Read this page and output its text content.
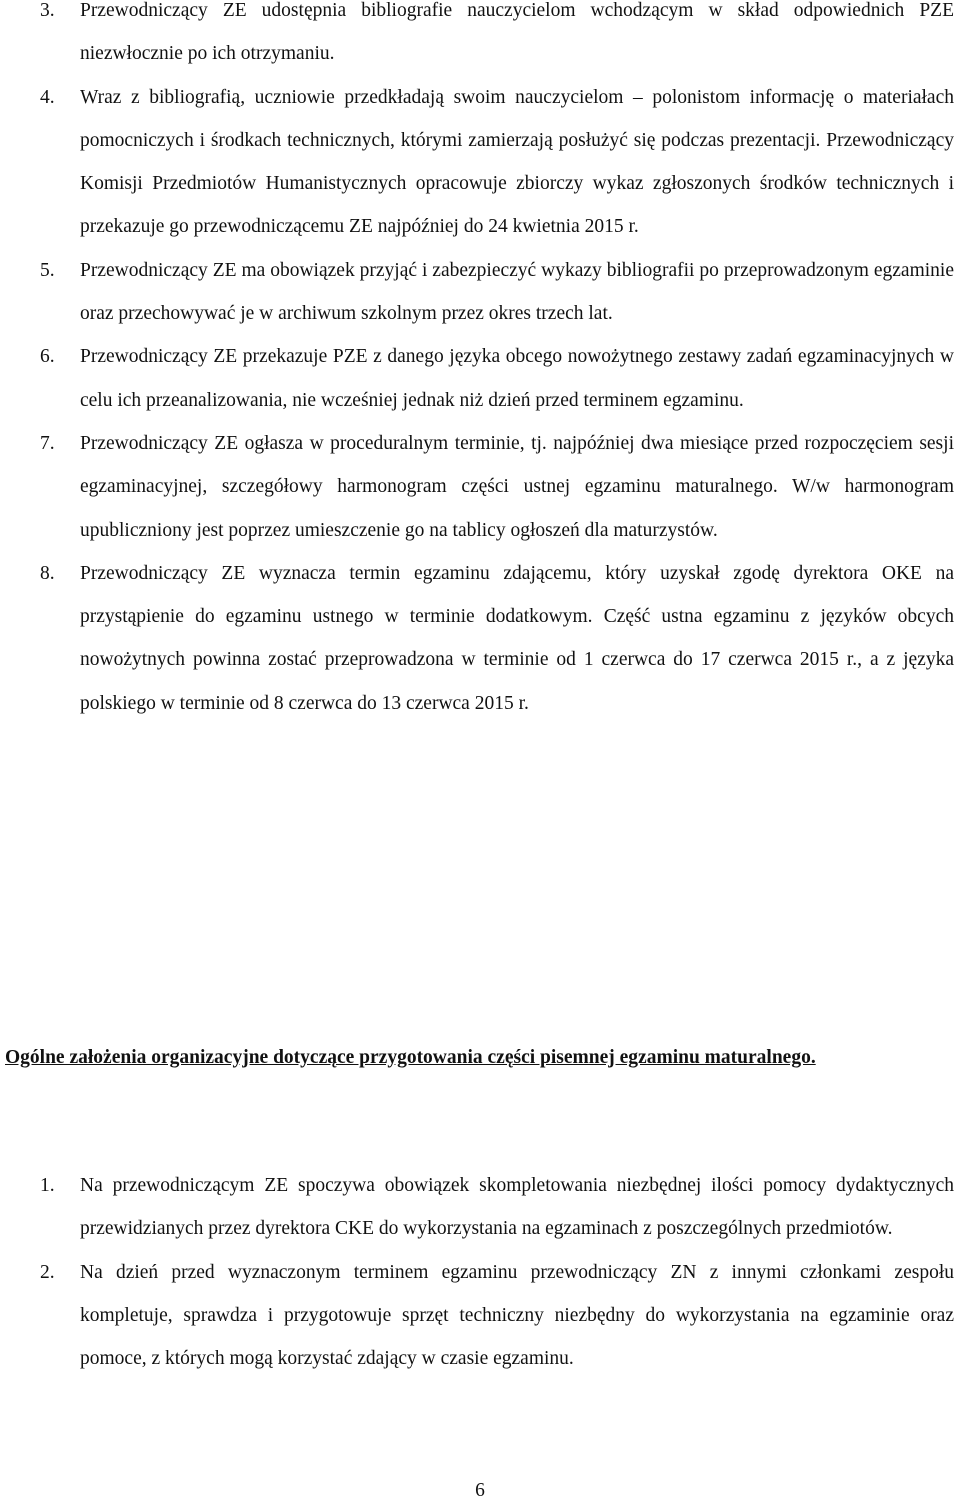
3. Przewodniczący ZE udostępnia bibliografie nauczycielom wchodzącym w skład odpowiednich PZE niezwłocznie po ich otrzymaniu.
4. Wraz z bibliografią, uczniowie przedkładają swoim nauczycielom – polonistom informację o materiałach pomocniczych i środkach technicznych, którymi zamierzają posłużyć się podczas prezentacji. Przewodniczący Komisji Przedmiotów Humanistycznych opracowuje zbiorczy wykaz zgłoszonych środków technicznych i przekazuje go przewodniczącemu ZE najpóźniej do 24 kwietnia 2015 r.
5. Przewodniczący ZE ma obowiązek przyjąć i zabezpieczyć wykazy bibliografii po przeprowadzonym egzaminie oraz przechowywać je w archiwum szkolnym przez okres trzech lat.
6. Przewodniczący ZE przekazuje PZE z danego języka obcego nowożytnego zestawy zadań egzaminacyjnych w celu ich przeanalizowania, nie wcześniej jednak niż dzień przed terminem egzaminu.
7. Przewodniczący ZE ogłasza w proceduralnym terminie, tj. najpóźniej dwa miesiące przed rozpoczęciem sesji egzaminacyjnej, szczegółowy harmonogram części ustnej egzaminu maturalnego. W/w harmonogram upubliczniony jest poprzez umieszczenie go na tablicy ogłoszeń dla maturzystów.
8. Przewodniczący ZE wyznacza termin egzaminu zdającemu, który uzyskał zgodę dyrektora OKE na przystąpienie do egzaminu ustnego w terminie dodatkowym. Część ustna egzaminu z języków obcych nowożytnych powinna zostać przeprowadzona w terminie od 1 czerwca do 17 czerwca 2015 r., a z języka polskiego w terminie od 8 czerwca do 13 czerwca 2015 r.
Ogólne założenia organizacyjne dotyczące przygotowania części pisemnej egzaminu maturalnego.
1. Na przewodniczącym ZE spoczywa obowiązek skompletowania niezbędnej ilości pomocy dydaktycznych przewidzianych przez dyrektora CKE do wykorzystania na egzaminach z poszczególnych przedmiotów.
2. Na dzień przed wyznaczonym terminem egzaminu przewodniczący ZN z innymi członkami zespołu kompletuje, sprawdza i przygotowuje sprzęt techniczny niezbędny do wykorzystania na egzaminie oraz pomoce, z których mogą korzystać zdający w czasie egzaminu.
6
